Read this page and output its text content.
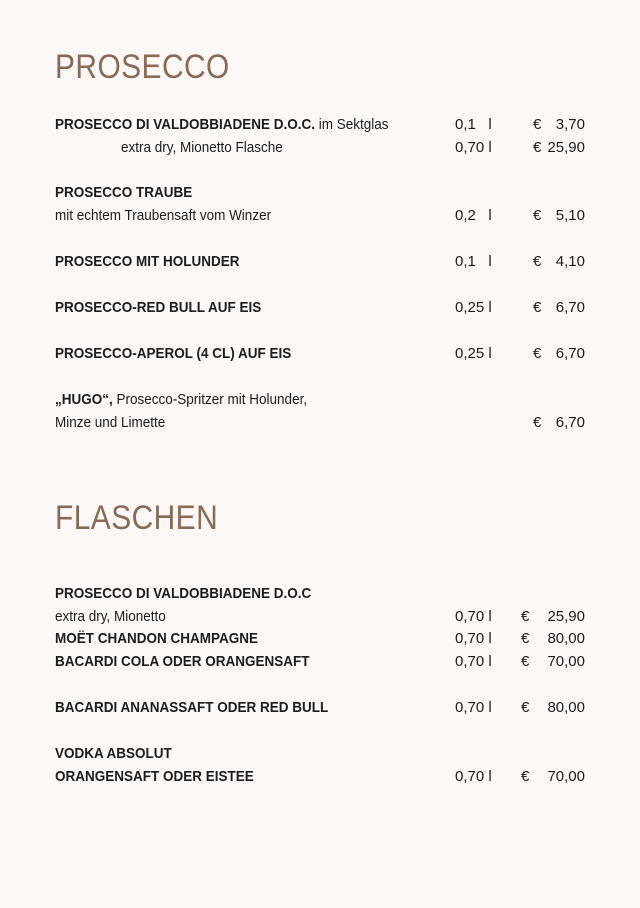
PROSECCO
PROSECCO DI VALDOBBIADENE D.O.C. im Sektglas	0,1   l	€ 3,70
extra dry, Mionetto Flasche	0,70 l	€ 25,90
PROSECCO TRAUBE
mit echtem Traubensaft vom Winzer	0,2   l	€ 5,10
PROSECCO MIT HOLUNDER	0,1   l	€ 4,10
PROSECCO-RED BULL AUF EIS	0,25 l	€ 6,70
PROSECCO-APEROL (4 CL) AUF EIS	0,25 l	€ 6,70
„HUGO“, Prosecco-Spritzer mit Holunder,
Minze und Limette	€ 6,70
FLASCHEN
PROSECCO DI VALDOBBIADENE D.O.C
extra dry, Mionetto	0,70 l € 25,90
MOËT CHANDON CHAMPAGNE	0,70 l € 80,00
BACARDI COLA ODER ORANGENSAFT	0,70 l € 70,00
BACARDI ANANASSAFT ODER RED BULL	0,70 l € 80,00
VODKA ABSOLUT
ORANGENSAFT ODER EISTEE	0,70 l € 70,00
